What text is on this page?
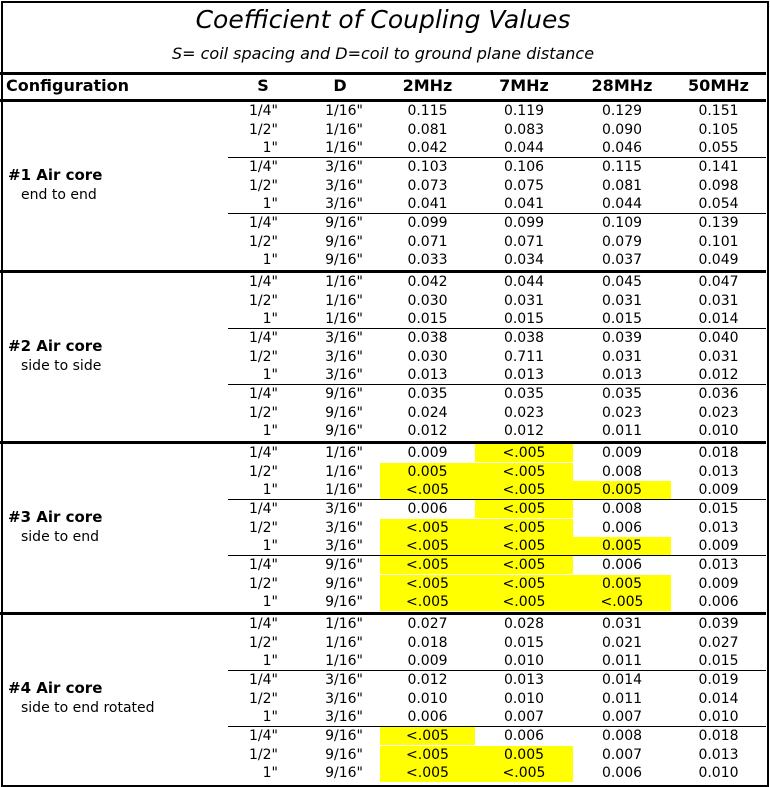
Coefficient of Coupling Values
S= coil spacing and D=coil to ground plane distance
Configuration	S	D	2MHz	7MHz	28MHz	50MHz
#1 Air core
end to end
1/4"	1/16"	0.115	0.119	0.129	0.151
1/2"	1/16"	0.081	0.083	0.090	0.105
1"	1/16"	0.042	0.044	0.046	0.055
1/4"	3/16"	0.103	0.106	0.115	0.141
1/2"	3/16"	0.073	0.075	0.081	0.098
1"	3/16"	0.041	0.041	0.044	0.054
1/4"	9/16"	0.099	0.099	0.109	0.139
1/2"	9/16"	0.071	0.071	0.079	0.101
1"	9/16"	0.033	0.034	0.037	0.049
#2 Air core
side to side
1/4"	1/16"	0.042	0.044	0.045	0.047
1/2"	1/16"	0.030	0.031	0.031	0.031
1"	1/16"	0.015	0.015	0.015	0.014
1/4"	3/16"	0.038	0.038	0.039	0.040
1/2"	3/16"	0.030	0.711	0.031	0.031
1"	3/16"	0.013	0.013	0.013	0.012
1/4"	9/16"	0.035	0.035	0.035	0.036
1/2"	9/16"	0.024	0.023	0.023	0.023
1"	9/16"	0.012	0.012	0.011	0.010
#3 Air core
side to end
1/4"	1/16"	0.009	<.005	0.009	0.018
1/2"	1/16"	0.005	<.005	0.008	0.013
1"	1/16"	<.005	<.005	0.005	0.009
1/4"	3/16"	0.006	<.005	0.008	0.015
1/2"	3/16"	<.005	<.005	0.006	0.013
1"	3/16"	<.005	<.005	0.005	0.009
1/4"	9/16"	<.005	<.005	0.006	0.013
1/2"	9/16"	<.005	<.005	0.005	0.009
1"	9/16"	<.005	<.005	<.005	0.006
#4 Air core
side to end rotated
1/4"	1/16"	0.027	0.028	0.031	0.039
1/2"	1/16"	0.018	0.015	0.021	0.027
1"	1/16"	0.009	0.010	0.011	0.015
1/4"	3/16"	0.012	0.013	0.014	0.019
1/2"	3/16"	0.010	0.010	0.011	0.014
1"	3/16"	0.006	0.007	0.007	0.010
1/4"	9/16"	<.005	0.006	0.008	0.018
1/2"	9/16"	<.005	0.005	0.007	0.013
1"	9/16"	<.005	<.005	0.006	0.010
